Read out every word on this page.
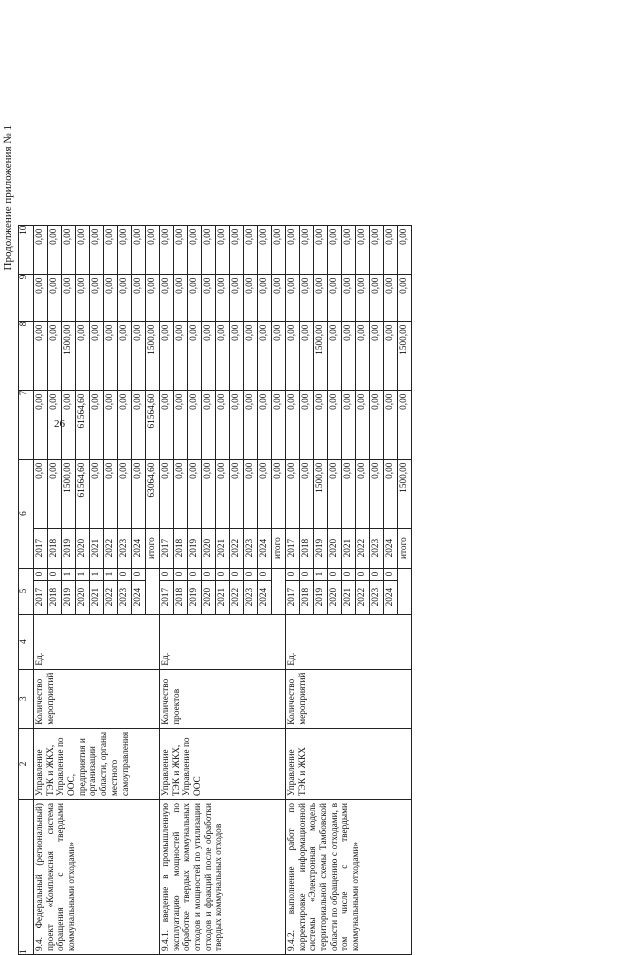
26
Продолжение приложения № 1
1	2	3	4	5		6		7	8	9	10
9.4. Федеральный (региональный) проект «Комплексная система обращения с твердыми коммунальными отходами»	Управление ТЭК и ЖКХ, Управление по ООС, предприятия и организации области, органы местного самоуправления	Количество мероприятий	Ед.	2017	0	2017	0,00	0,00	0,00	0,00	0,00
				2018	0	2018	0,00	0,00	0,00	0,00	0,00
				2019	1	2019	1500,00	0,00	1500,00	0,00	0,00
				2020	1	2020	61564,60	61564,60	0,00	0,00	0,00
				2021	1	2021	0,00	0,00	0,00	0,00	0,00
				2022	1	2022	0,00	0,00	0,00	0,00	0,00
				2023	0	2023	0,00	0,00	0,00	0,00	0,00
				2024	0	2024	0,00	0,00	0,00	0,00	0,00
						итого	63064,60	61564,60	1500,00	0,00	0,00
9.4.1. введение в промышленную эксплуатацию мощностей по обработке твердых коммунальных отходов и мощностей по утилизации отходов и фракций после обработки твердых коммунальных отходов	Управление ТЭК и ЖКХ, Управление по ООС	Количество проектов	Ед.	2017	0	2017	0,00	0,00	0,00	0,00	0,00
				2018	0	2018	0,00	0,00	0,00	0,00	0,00
				2019	0	2019	0,00	0,00	0,00	0,00	0,00
				2020	0	2020	0,00	0,00	0,00	0,00	0,00
				2021	0	2021	0,00	0,00	0,00	0,00	0,00
				2022	0	2022	0,00	0,00	0,00	0,00	0,00
				2023	0	2023	0,00	0,00	0,00	0,00	0,00
				2024	0	2024	0,00	0,00	0,00	0,00	0,00
						итого	0,00	0,00	0,00	0,00	0,00
9.4.2. выполнение работ по корректировке информационной системы «Электронная модель территориальной схемы Тамбовской области по обращению с отходами, в том числе с твердыми коммунальными отходами»	Управление ТЭК и ЖКХ	Количество мероприятий	Ед.	2017	0	2017	0,00	0,00	0,00	0,00	0,00
				2018	0	2018	0,00	0,00	0,00	0,00	0,00
				2019	1	2019	1500,00	0,00	1500,00	0,00	0,00
				2020	0	2020	0,00	0,00	0,00	0,00	0,00
				2021	0	2021	0,00	0,00	0,00	0,00	0,00
				2022	0	2022	0,00	0,00	0,00	0,00	0,00
				2023	0	2023	0,00	0,00	0,00	0,00	0,00
				2024	0	2024	0,00	0,00	0,00	0,00	0,00
						итого	1500,00	0,00	1500,00	0,00	0,00
